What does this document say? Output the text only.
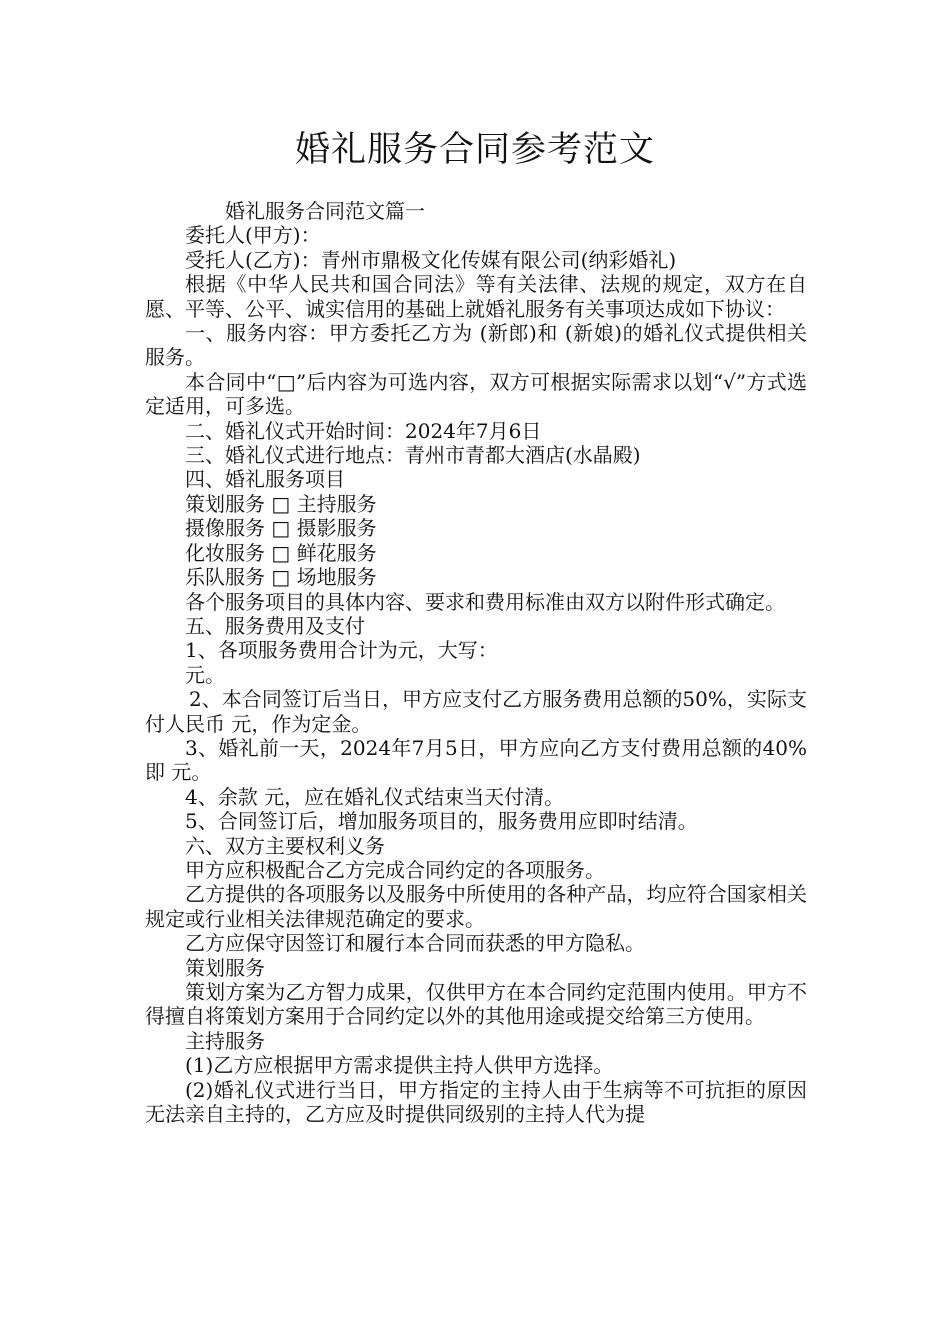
婚礼服务合同参考范文

婚礼服务合同范文篇一

委托人(甲方)：

受托人(乙方)：青州市鼎极文化传媒有限公司(纳彩婚礼)

根据《中华人民共和国合同法》等有关法律、法规的规定，双方在自愿、平等、公平、诚实信用的基础上就婚礼服务有关事项达成如下协议：

一、服务内容：甲方委托乙方为 (新郎)和 (新娘)的婚礼仪式提供相关服务。

本合同中“□”后内容为可选内容，双方可根据实际需求以划“√”方式选定适用，可多选。

二、婚礼仪式开始时间：2024年7月6日

三、婚礼仪式进行地点：青州市青都大酒店(水晶殿)

四、婚礼服务项目

策划服务 □ 主持服务

摄像服务 □ 摄影服务

化妆服务 □ 鲜花服务

乐队服务 □ 场地服务

各个服务项目的具体内容、要求和费用标准由双方以附件形式确定。

五、服务费用及支付

1、各项服务费用合计为元，大写：

元。

2、本合同签订后当日，甲方应支付乙方服务费用总额的50%，实际支付人民币 元，作为定金。

3、婚礼前一天，2024年7月5日，甲方应向乙方支付费用总额的40%即 元。

4、余款 元，应在婚礼仪式结束当天付清。

5、合同签订后，增加服务项目的，服务费用应即时结清。

六、双方主要权利义务

甲方应积极配合乙方完成合同约定的各项服务。

乙方提供的各项服务以及服务中所使用的各种产品，均应符合国家相关规定或行业相关法律规范确定的要求。

乙方应保守因签订和履行本合同而获悉的甲方隐私。

策划服务

策划方案为乙方智力成果，仅供甲方在本合同约定范围内使用。甲方不得擅自将策划方案用于合同约定以外的其他用途或提交给第三方使用。

主持服务

(1)乙方应根据甲方需求提供主持人供甲方选择。

(2)婚礼仪式进行当日，甲方指定的主持人由于生病等不可抗拒的原因无法亲自主持的，乙方应及时提供同级别的主持人代为提
